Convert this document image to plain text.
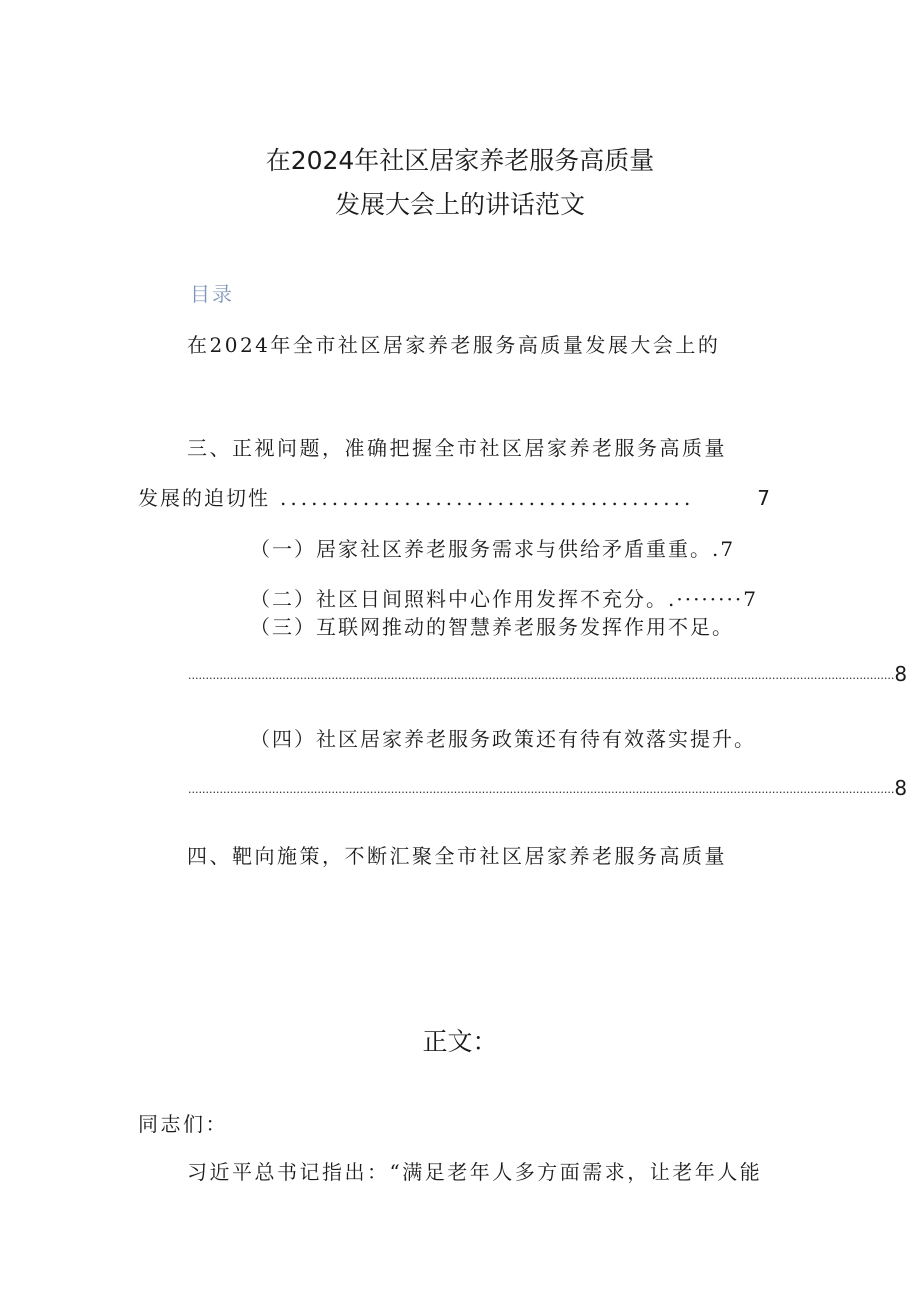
在2024年社区居家养老服务高质量
发展大会上的讲话范文
目录
在2024年全市社区居家养老服务高质量发展大会上的
三、正视问题，准确把握全市社区居家养老服务高质量
发展的迫切性 ........................................	7
（一）居家社区养老服务需求与供给矛盾重重。.7
（二）社区日间照料中心作用发挥不充分。.········7
（三）互联网推动的智慧养老服务发挥作用不足。
.......................................................................................................................................................................................................... 8
（四）社区居家养老服务政策还有待有效落实提升。
.......................................................................................................................................................................................................... 8
四、靶向施策，不断汇聚全市社区居家养老服务高质量
正文：
同志们：
习近平总书记指出：“满足老年人多方面需求，让老年人能
